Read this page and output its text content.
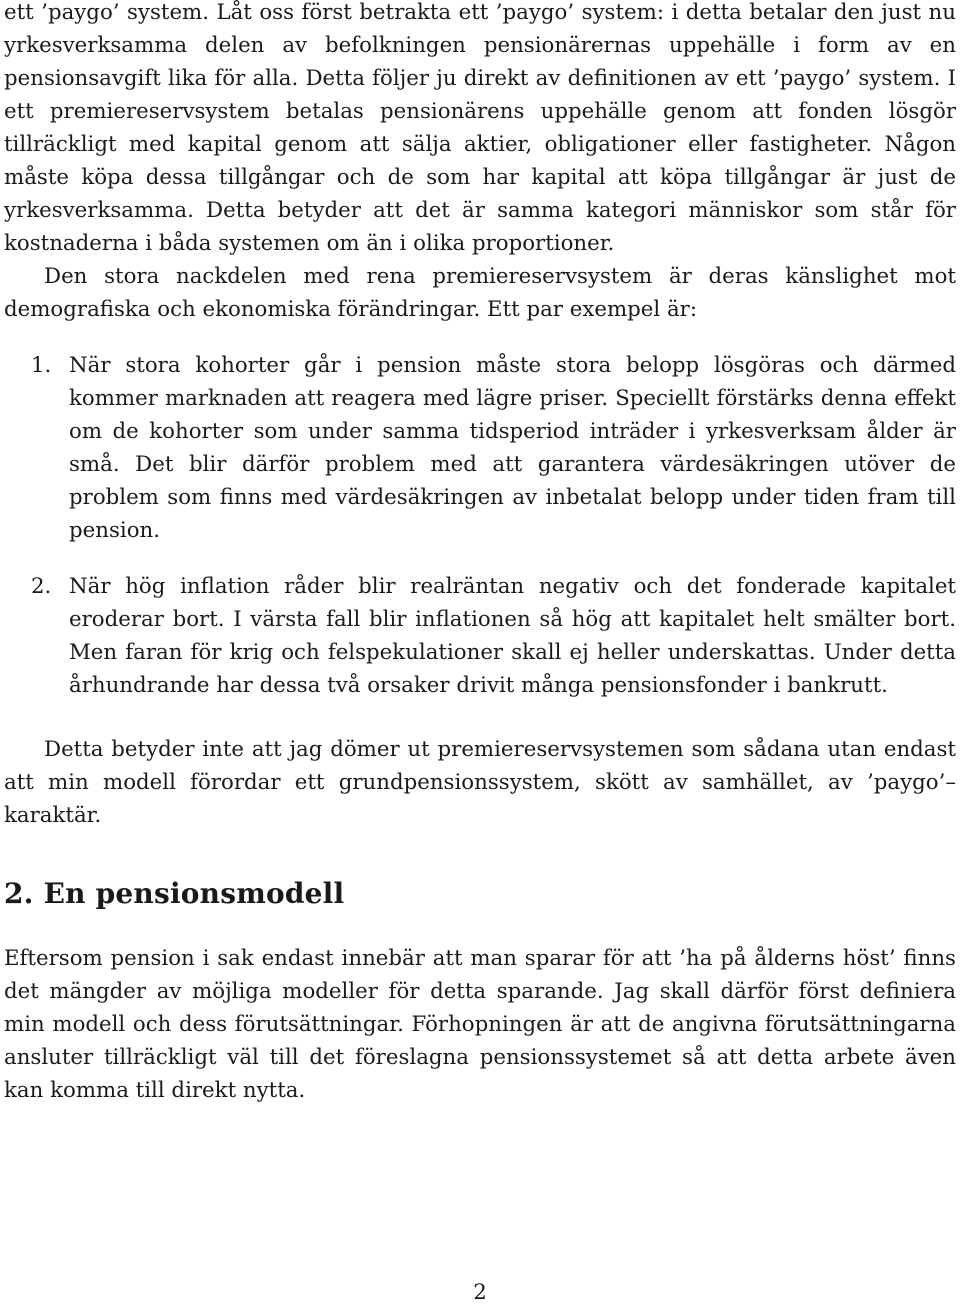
ett ’paygo’ system. Låt oss först betrakta ett ’paygo’ system: i detta betalar den just nu yrkesverksamma delen av befolkningen pensionärernas uppehälle i form av en pensionsavgift lika för alla. Detta följer ju direkt av definitionen av ett ’paygo’ system. I ett premiereservsystem betalas pensionärens uppehälle genom att fonden lösgör tillräckligt med kapital genom att sälja aktier, obligationer eller fastigheter. Någon måste köpa dessa tillgångar och de som har kapital att köpa tillgångar är just de yrkesverksamma. Detta betyder att det är samma kategori människor som står för kostnaderna i båda systemen om än i olika proportioner.

Den stora nackdelen med rena premiereservsystem är deras känslighet mot demografiska och ekonomiska förändringar. Ett par exempel är:

1. När stora kohorter går i pension måste stora belopp lösgöras och därmed kommer marknaden att reagera med lägre priser. Speciellt förstärks denna effekt om de kohorter som under samma tidsperiod inträder i yrkesverksam ålder är små. Det blir därför problem med att garantera värdesäkringen utöver de problem som finns med värdesäkringen av inbetalat belopp under tiden fram till pension.

2. När hög inflation råder blir realräntan negativ och det fonderade kapitalet eroderar bort. I värsta fall blir inflationen så hög att kapitalet helt smälter bort. Men faran för krig och felspekulationer skall ej heller underskattas. Under detta århundrande har dessa två orsaker drivit många pensionsfonder i bankrutt.

Detta betyder inte att jag dömer ut premiereservsystemen som sådana utan endast att min modell förordar ett grundpensionssystem, skött av samhället, av ’paygo’–karaktär.

2. En pensionsmodell

Eftersom pension i sak endast innebär att man sparar för att ’ha på ålderns höst’ finns det mängder av möjliga modeller för detta sparande. Jag skall därför först definiera min modell och dess förutsättningar. Förhopningen är att de angivna förutsättningarna ansluter tillräckligt väl till det föreslagna pensionssystemet så att detta arbete även kan komma till direkt nytta.

2
